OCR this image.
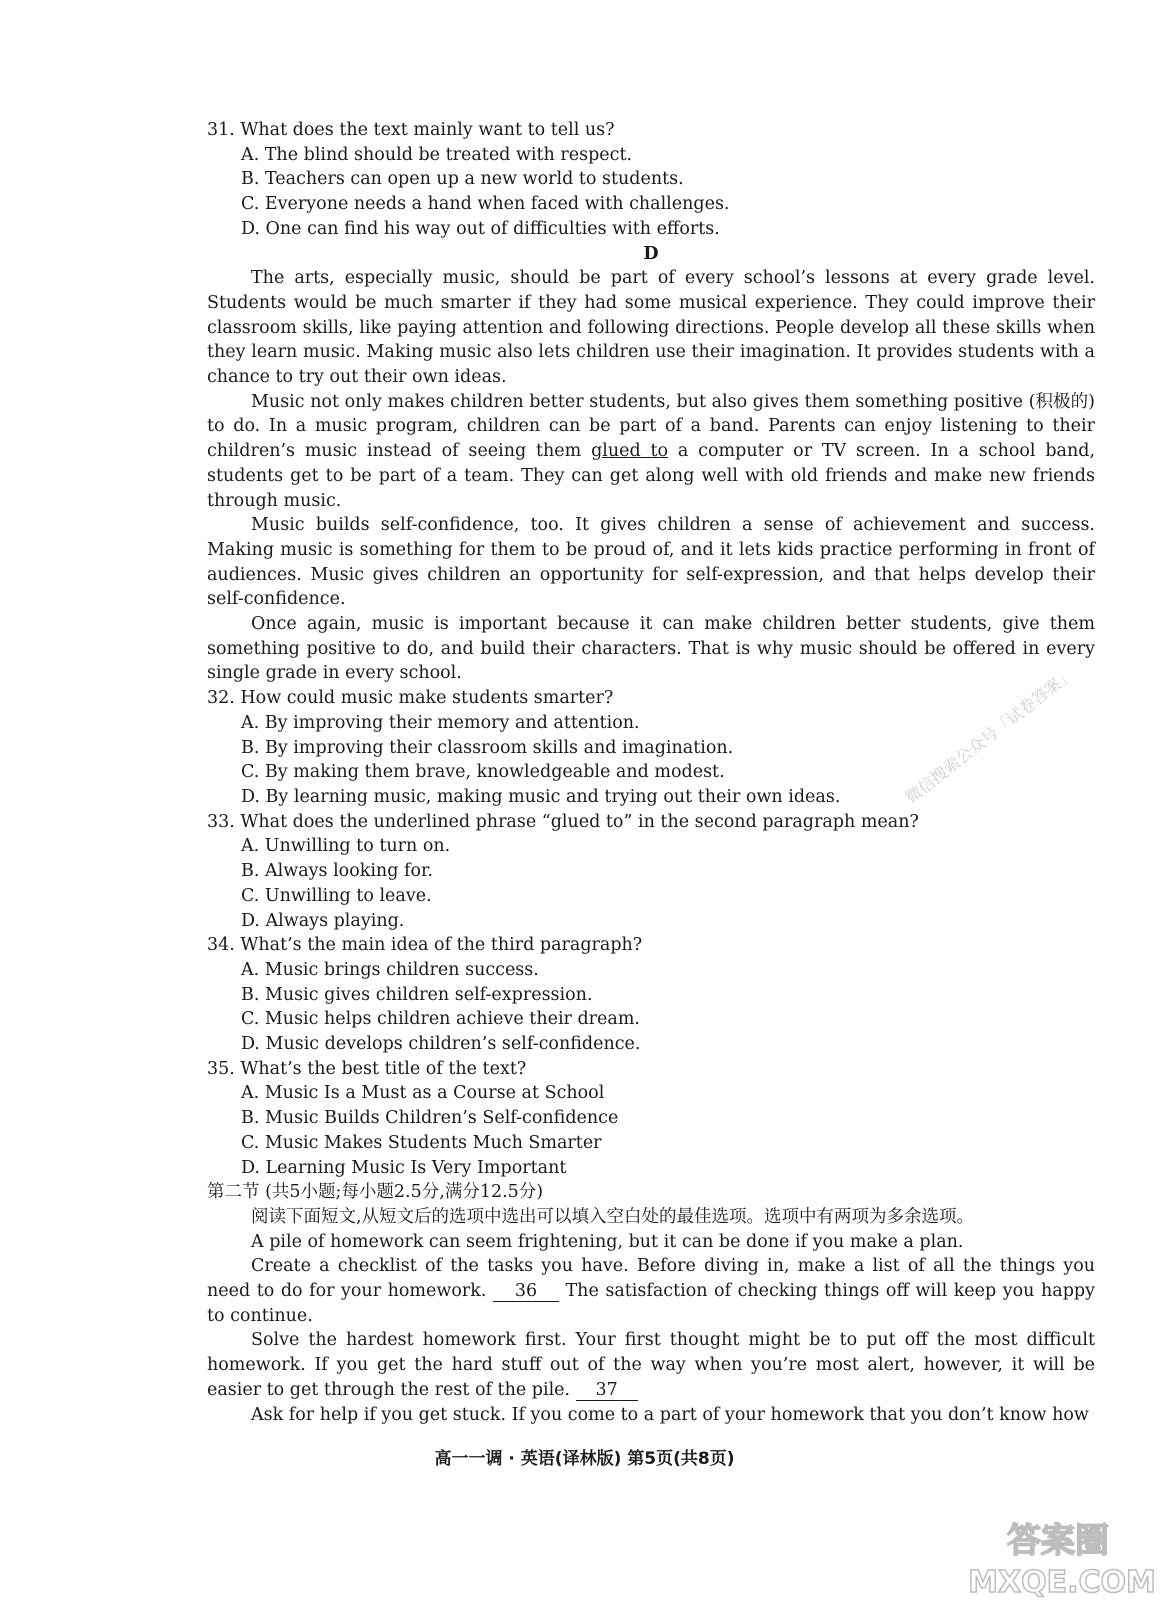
31. What does the text mainly want to tell us?
A. The blind should be treated with respect.
B. Teachers can open up a new world to students.
C. Everyone needs a hand when faced with challenges.
D. One can find his way out of difficulties with efforts.
D
The arts, especially music, should be part of every school’s lessons at every grade level. Students would be much smarter if they had some musical experience. They could improve their classroom skills, like paying attention and following directions. People develop all these skills when they learn music. Making music also lets children use their imagination. It provides students with a chance to try out their own ideas.
Music not only makes children better students, but also gives them something positive (积极的) to do. In a music program, children can be part of a band. Parents can enjoy listening to their children’s music instead of seeing them glued to a computer or TV screen. In a school band, students get to be part of a team. They can get along well with old friends and make new friends through music.
Music builds self-confidence, too. It gives children a sense of achievement and success. Making music is something for them to be proud of, and it lets kids practice performing in front of audiences. Music gives children an opportunity for self-expression, and that helps develop their self-confidence.
Once again, music is important because it can make children better students, give them something positive to do, and build their characters. That is why music should be offered in every single grade in every school.
32. How could music make students smarter?
A. By improving their memory and attention.
B. By improving their classroom skills and imagination.
C. By making them brave, knowledgeable and modest.
D. By learning music, making music and trying out their own ideas.
33. What does the underlined phrase “glued to” in the second paragraph mean?
A. Unwilling to turn on.
B. Always looking for.
C. Unwilling to leave.
D. Always playing.
34. What’s the main idea of the third paragraph?
A. Music brings children success.
B. Music gives children self-expression.
C. Music helps children achieve their dream.
D. Music develops children’s self-confidence.
35. What’s the best title of the text?
A. Music Is a Must as a Course at School
B. Music Builds Children’s Self-confidence
C. Music Makes Students Much Smarter
D. Learning Music Is Very Important
第二节 (共5小题;每小题2.5分,满分12.5分)
阅读下面短文,从短文后的选项中选出可以填入空白处的最佳选项。选项中有两项为多余选项。
A pile of homework can seem frightening, but it can be done if you make a plan.
Create a checklist of the tasks you have. Before diving in, make a list of all the things you need to do for your homework. 36 The satisfaction of checking things off will keep you happy to continue.
Solve the hardest homework first. Your first thought might be to put off the most difficult homework. If you get the hard stuff out of the way when you’re most alert, however, it will be easier to get through the rest of the pile. 37
Ask for help if you get stuck. If you come to a part of your homework that you don’t know how
高一一调 · 英语(译林版) 第5页(共8页)
微信搜索公众号「试卷答案」
答案圈
MXQE.COM
